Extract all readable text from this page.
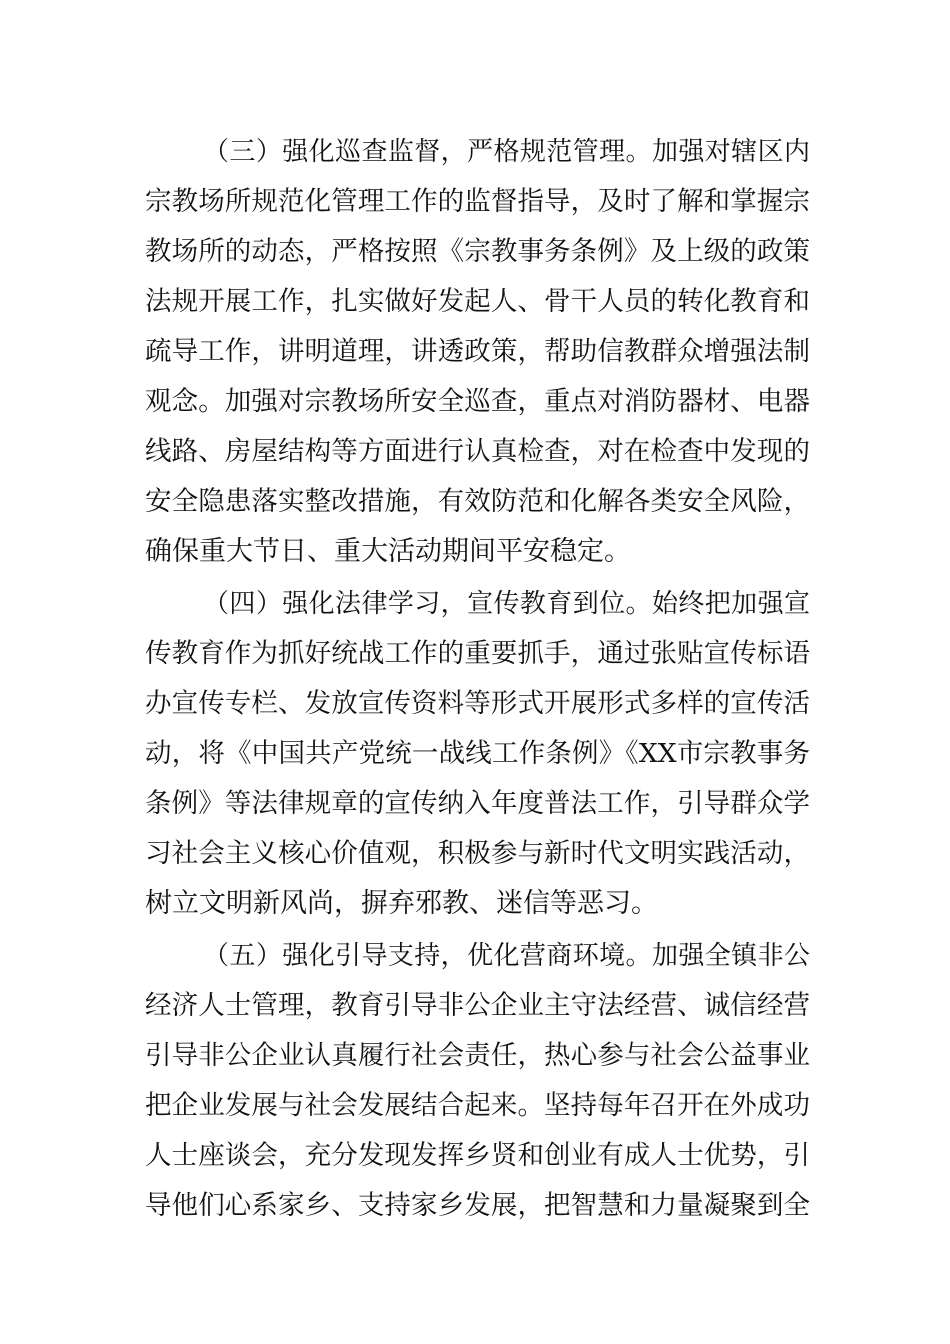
（三）强化巡查监督，严格规范管理。加强对辖区内
宗教场所规范化管理工作的监督指导，及时了解和掌握宗
教场所的动态，严格按照《宗教事务条例》及上级的政策
法规开展工作，扎实做好发起人、骨干人员的转化教育和
疏导工作，讲明道理，讲透政策，帮助信教群众增强法制
观念。加强对宗教场所安全巡查，重点对消防器材、电器
线路、房屋结构等方面进行认真检查，对在检查中发现的
安全隐患落实整改措施，有效防范和化解各类安全风险，
确保重大节日、重大活动期间平安稳定。
（四）强化法律学习，宣传教育到位。始终把加强宣
传教育作为抓好统战工作的重要抓手，通过张贴宣传标语
办宣传专栏、发放宣传资料等形式开展形式多样的宣传活
动，将《中国共产党统一战线工作条例》《XX市宗教事务
条例》等法律规章的宣传纳入年度普法工作，引导群众学
习社会主义核心价值观，积极参与新时代文明实践活动，
树立文明新风尚，摒弃邪教、迷信等恶习。
（五）强化引导支持，优化营商环境。加强全镇非公
经济人士管理，教育引导非公企业主守法经营、诚信经营
引导非公企业认真履行社会责任，热心参与社会公益事业
把企业发展与社会发展结合起来。坚持每年召开在外成功
人士座谈会，充分发现发挥乡贤和创业有成人士优势，引
导他们心系家乡、支持家乡发展，把智慧和力量凝聚到全
